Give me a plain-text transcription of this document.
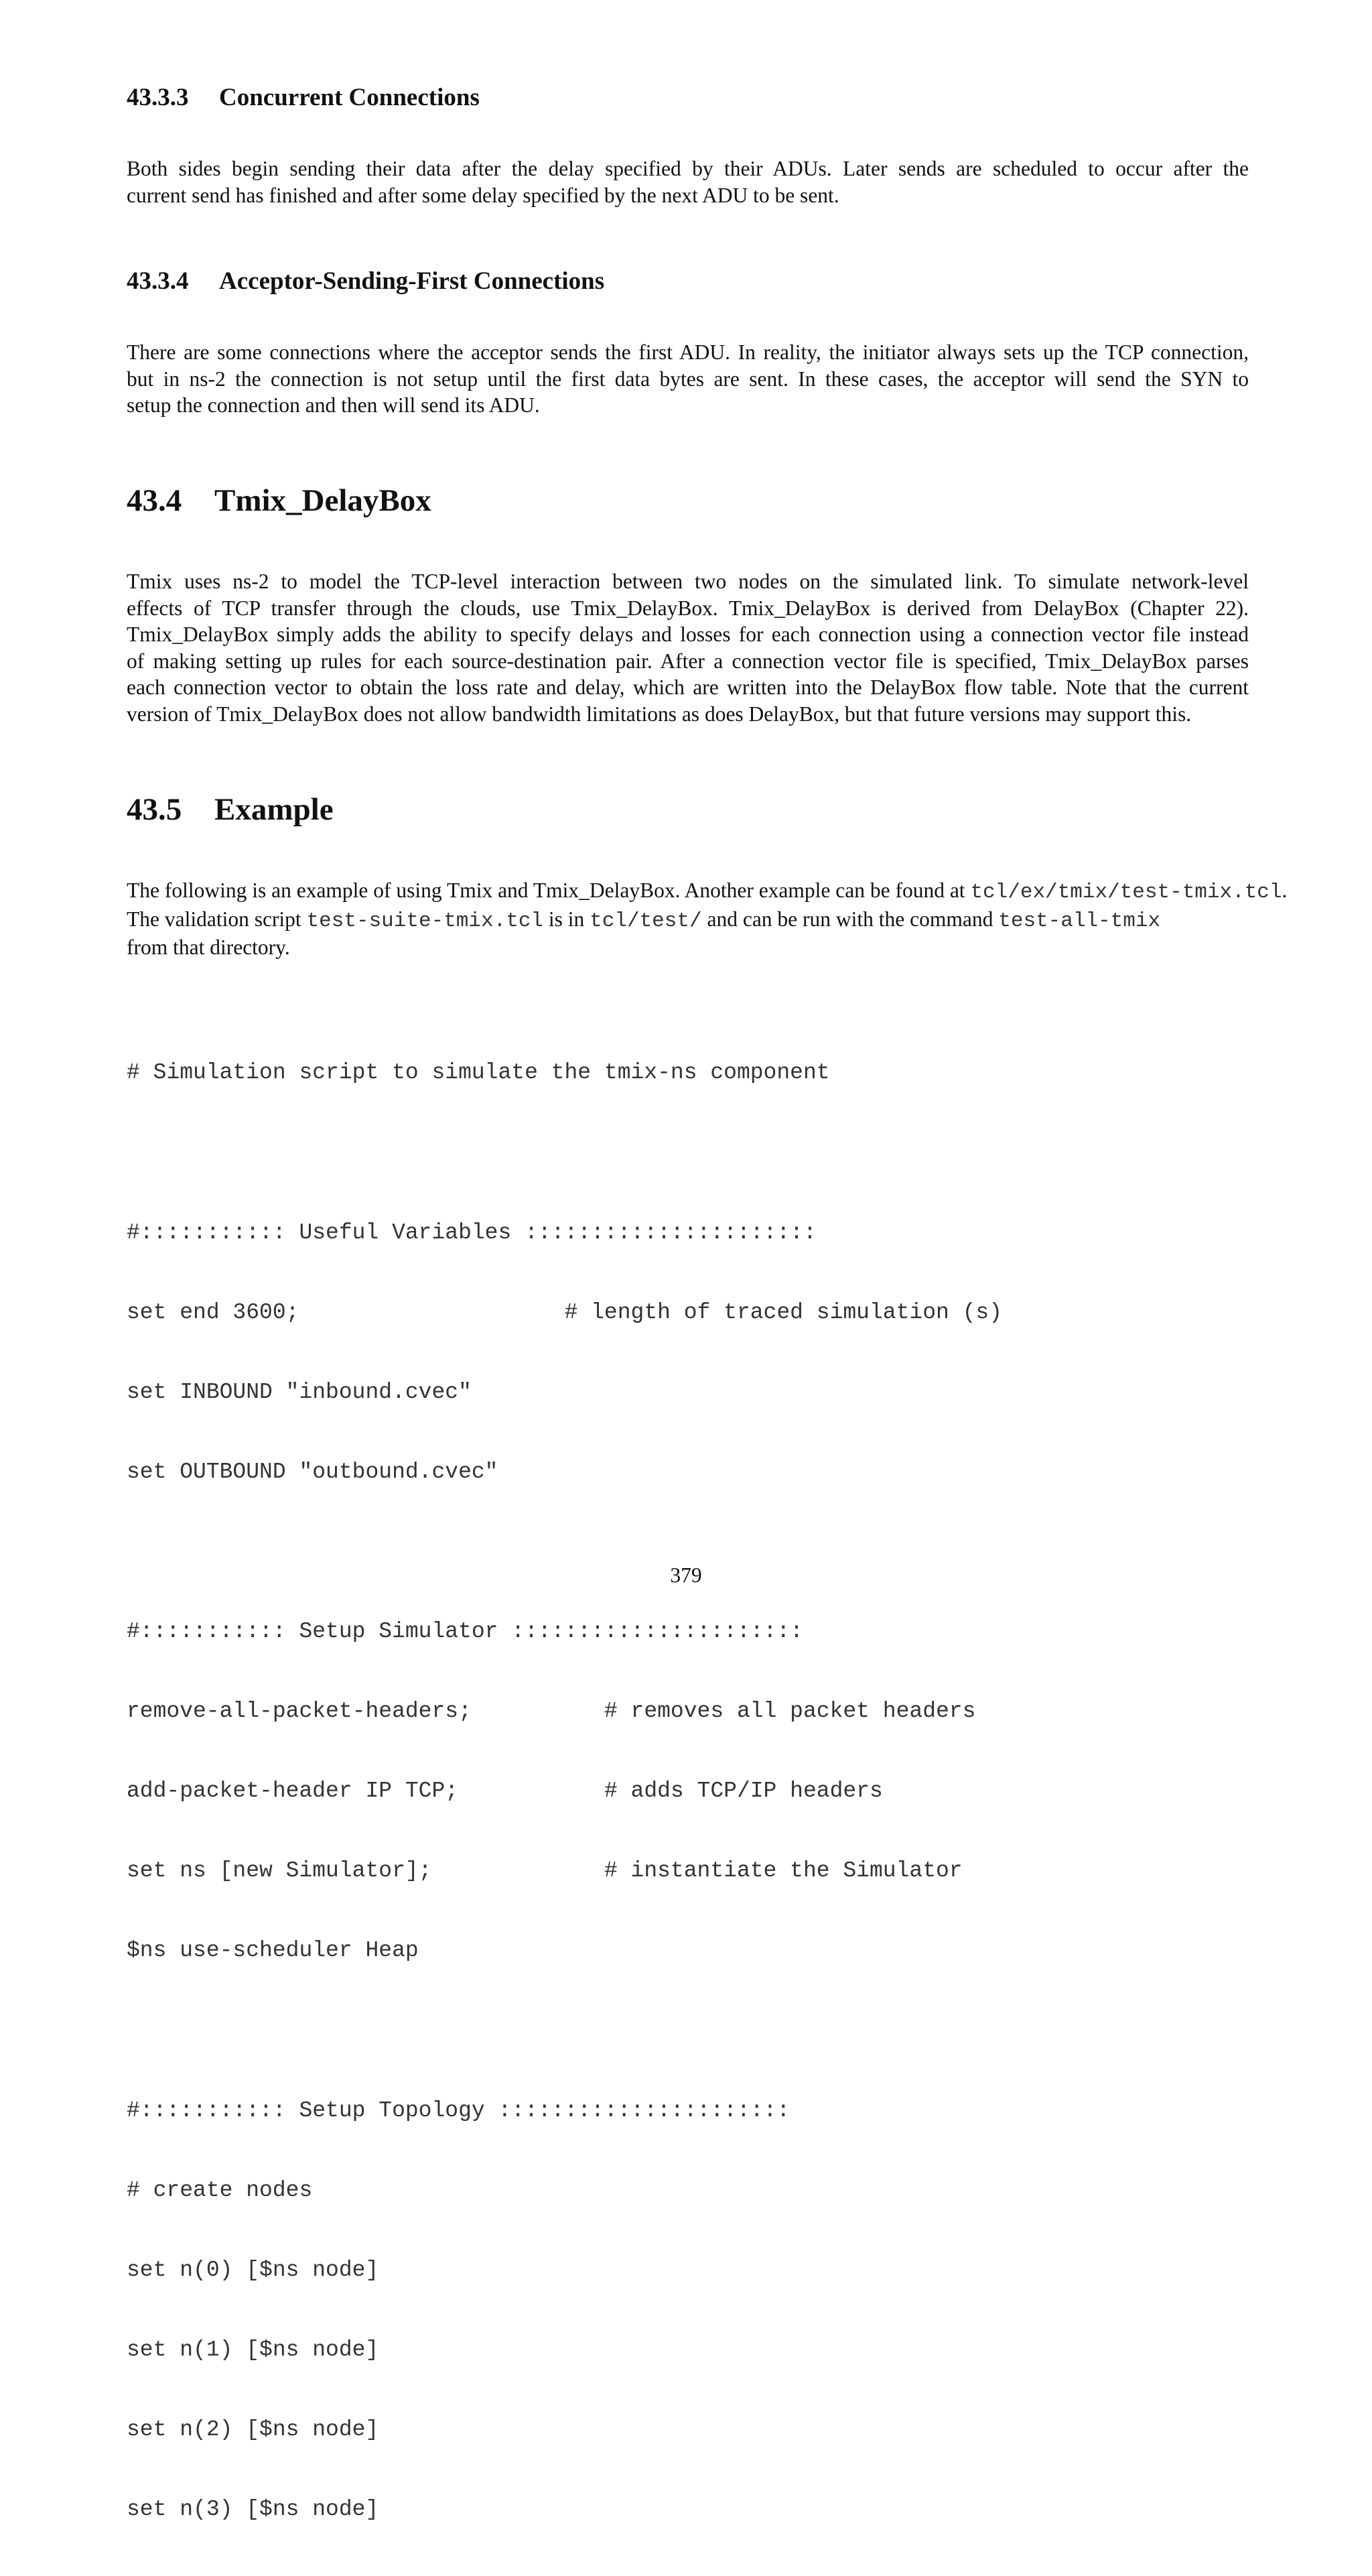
43.3.3 Concurrent Connections
Both sides begin sending their data after the delay specified by their ADUs. Later sends are scheduled to occur after the
current send has finished and after some delay specified by the next ADU to be sent.
43.3.4 Acceptor-Sending-First Connections
There are some connections where the acceptor sends the first ADU. In reality, the initiator always sets up the TCP connection,
but in ns-2 the connection is not setup until the first data bytes are sent. In these cases, the acceptor will send the SYN to
setup the connection and then will send its ADU.
43.4 Tmix_DelayBox
Tmix uses ns-2 to model the TCP-level interaction between two nodes on the simulated link. To simulate network-level
effects of TCP transfer through the clouds, use Tmix_DelayBox. Tmix_DelayBox is derived from DelayBox (Chapter 22).
Tmix_DelayBox simply adds the ability to specify delays and losses for each connection using a connection vector file instead
of making setting up rules for each source-destination pair. After a connection vector file is specified, Tmix_DelayBox parses
each connection vector to obtain the loss rate and delay, which are written into the DelayBox flow table. Note that the current
version of Tmix_DelayBox does not allow bandwidth limitations as does DelayBox, but that future versions may support this.
43.5 Example
The following is an example of using Tmix and Tmix_DelayBox. Another example can be found at tcl/ex/tmix/test-tmix.tcl.
The validation script test-suite-tmix.tcl is in tcl/test/ and can be run with the command test-all-tmix
from that directory.

# Simulation script to simulate the tmix-ns component

#::::::::::: Useful Variables ::::::::::::::::::::::

set end 3600;                    # length of traced simulation (s)

set INBOUND "inbound.cvec"

set OUTBOUND "outbound.cvec"

#::::::::::: Setup Simulator ::::::::::::::::::::::

remove-all-packet-headers;          # removes all packet headers

add-packet-header IP TCP;           # adds TCP/IP headers

set ns [new Simulator];             # instantiate the Simulator

$ns use-scheduler Heap

#::::::::::: Setup Topology ::::::::::::::::::::::

# create nodes

set n(0) [$ns node]

set n(1) [$ns node]

set n(2) [$ns node]

set n(3) [$ns node]

379
